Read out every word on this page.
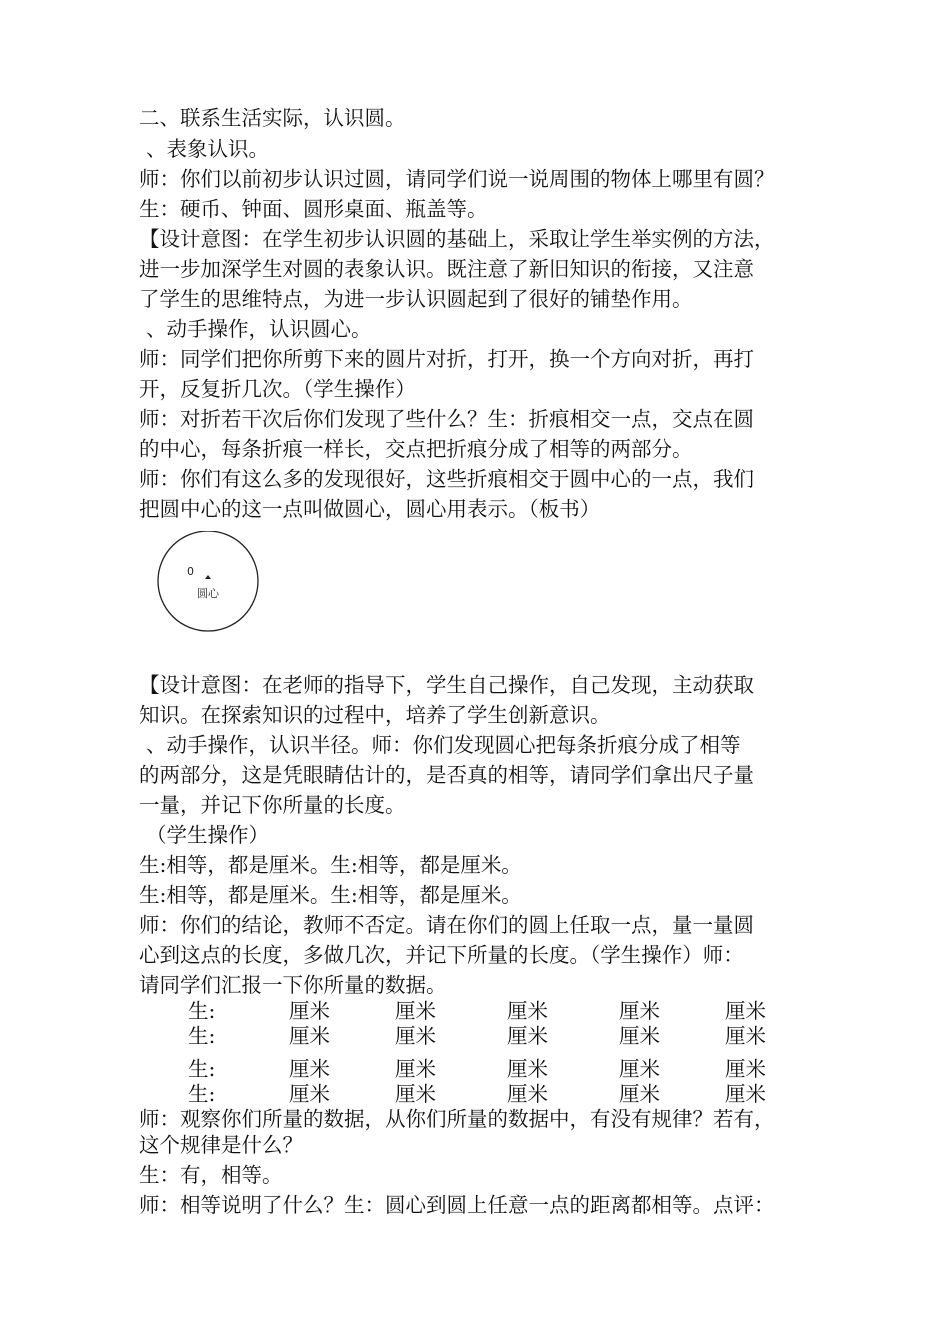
二、联系生活实际，认识圆。
、表象认识。
师：你们以前初步认识过圆，请同学们说一说周围的物体上哪里有圆？
生：硬币、钟面、圆形桌面、瓶盖等。
【设计意图：在学生初步认识圆的基础上，采取让学生举实例的方法，
进一步加深学生对圆的表象认识。既注意了新旧知识的衔接，又注意
了学生的思维特点，为进一步认识圆起到了很好的铺垫作用。
、动手操作，认识圆心。
师：同学们把你所剪下来的圆片对折，打开，换一个方向对折，再打
开，反复折几次。（学生操作）
师：对折若干次后你们发现了些什么？生：折痕相交一点，交点在圆
的中心，每条折痕一样长，交点把折痕分成了相等的两部分。
师：你们有这么多的发现很好，这些折痕相交于圆中心的一点，我们
把圆中心的这一点叫做圆心，圆心用表示。（板书）
0
圆心
【设计意图：在老师的指导下，学生自己操作，自己发现，主动获取
知识。在探索知识的过程中，培养了学生创新意识。
、动手操作，认识半径。师：你们发现圆心把每条折痕分成了相等
的两部分，这是凭眼睛估计的，是否真的相等，请同学们拿出尺子量
一量，并记下你所量的长度。
（学生操作）
生:相等，都是厘米。生:相等，都是厘米。
生:相等，都是厘米。生:相等，都是厘米。
师：你们的结论，教师不否定。请在你们的圆上任取一点，量一量圆
心到这点的长度，多做几次，并记下所量的长度。（学生操作）师：
请同学们汇报一下你所量的数据。
生:	厘米	厘米	厘米	厘米	厘米
生:	厘米	厘米	厘米	厘米	厘米
生:	厘米	厘米	厘米	厘米	厘米
生:	厘米	厘米	厘米	厘米	厘米
师：观察你们所量的数据，从你们所量的数据中，有没有规律？若有，
这个规律是什么？
生：有，相等。
师：相等说明了什么？生：圆心到圆上任意一点的距离都相等。点评：
